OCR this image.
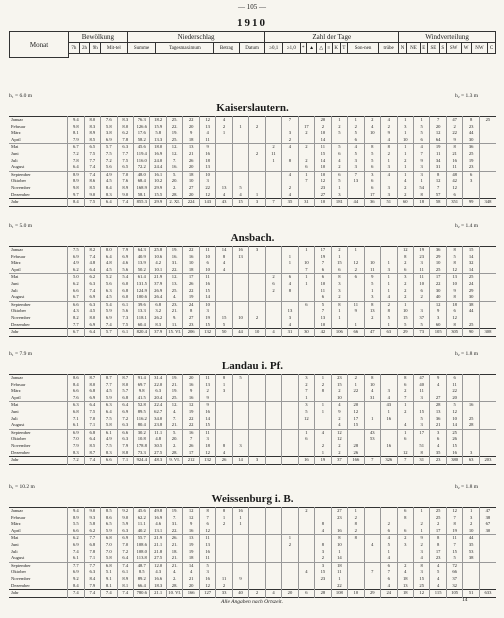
— 105 —
1910
Monat	Bewölkung				Niederschlag				Zahl der Tage										Windverteilung								
	7h	2h	9h	Mit-tel	Summe	Tagesmaximum	Betrag	Datum	≥0,1	≥1,0	*	▲	△	≡	K	T	Son-nen	trübe	N	NE	E	SE	S	SW	W	NW	C

h₁ = 6.0 m	h₂ = 1.3 m
Kaiserslautern.
Januar	9.4	8.0	7.6	8.3	76.3	18.2	25.	22	12	4				7		20	1	1	2	4	1	1	7	47	8	25
Februar	9.8	8.3	5.8	8.0	126.6	15.9	22.	20	13	2	1	2			17	2	2	2	4	2	3	5	20	2	23	
März	8.1	8.9	3.8	6.2	17.6	5.8	19.	9	4	1				3	2	10	5	5	10	9	1	5	12	22	44	
April	7.9	8.5	6.9	7.8	58.2	13.3	25.	18	11					2		14		6		4	10	6	64	9	30	
Mai	6.7	6.5	5.7	6.3	45.6	18.0	12.	13	9				2	4	2	11	5	4	8	8	1	4	19	8	36	
Juni	7.2	7.5	7.5	7.7	119.4	16.9	12.	21	16			2	11			15	6	5	5	2	1	7	11	21	25	
Juli	7.8	7.7	7.2	7.5	116.0	24.0	7.	26	18				1	8	2	14	4	3	5	1	2	9	34	16	19	
August	6.4	7.4	5.6	6.5	72.2	24.4	16.	20	13						6	10	2	3	6	3	1	3	31	11	23	
September	8.9	7.4	4.9	7.0	48.0	16.1	5.	18	10					4	1	10	6	7	3	4	1	3	8	48	6	
Oktober	8.9	8.6	4.5	7.6	68.4	10.2	20.	10	3						7	12	5	13	6		4	1	12	42	3	
November	9.8	8.5	8.4	8.9	168.9	29.9	2.	27	22	13	5			2		23	1		6	3	2	54	7	12		
Dezember	9.7	9.0	8.3	9.0	58.1	15.5	28.	20	12	4	4	1		4		27	3		17	3	2	8	57	6		
Jahr	8.4	7.5	6.4	7.4	855.3	29.9	2. XI.	224	143	43	15	3	7	35	31	10	181	44	36	51	60	18	58	351	99	348
h₁ = 5.0 m	h₂ = 1.4 m
Ansbach.
Januar	7.5	8.2	8.0	7.9	64.3	25.8	19.	22	11	14	16	3			1	17	2	1			12	19	36	8	15	
Februar	6.9	7.4	6.4	6.9	40.9	10.6	16.	16	10	8	13			1		19	1				8	23	29	5	14	
März	4.9	4.8	4.8	4.6	13.9	4.2	31.	10	6	4				1	10	7	15	12	10	1	2	3	10	8	32	
April	6.2	6.4	4.5	5.6	50.2	10.1	22.	18	10	4					7	6	6	2	11	3	6	11	25	12	14	
Mai	5.0	6.2	5.2	5.4	61.4	21.9	12.	17	11				2	6	1	6	8	6	9	1	3	11	17	13	25	
Juni	6.2	6.3	5.6	6.0	131.5	37.9	13.	26	16				6	4	1	10	3		5	1	2	10	22	10	24	
Juli	6.6	7.4	6.3	6.8	124.9	26.9	25.	22	15				2	8		11	3		1	1	2	6	30	9	29	
August	6.7	6.9	4.5	6.0	100.6	26.4	4.	19	14							6	2		3	4	2	2	40	8	30	
September	6.6	6.3	5.4	6.1	39.6	6.8	23.	24	10						6	5	8	11	8	2	1		12	18	38	
Oktober	4.3	4.5	5.9	5.6	13.3	3.2	21.	8	3					13		7	1	9	13	8	10	3	9	6	44	
November	8.2	8.0	6.9	7.3	118.1	26.2	9.	27	19	15	10	2		3		13	1		2	5	15	37	3	12		
Dezember	7.7	6.9	7.4	7.5	60.4	8.3	11.	23	15	5				4		10		1		1	5	5	60	8	25	
Jahr	6.7	6.4	5.7	6.1	820.4	37.9	15. VI.	206	132	50	44	10	4	31	30	42	106	66	47	63	29	73	105	305	90	308
h₁ = 7.9 m	h₂ = 1.8 m
Landau i. Pf.
Januar	8.6	8.7	8.7	8.7	91.4	31.4	19.	20	11	8	5				3	1	23	2	8		8	47	9	6		
Februar	8.4	8.0	7.7	8.0	69.7	22.0	21.	16	13	1					2	2	15	1	10		6	40	4	11		
März	6.6	6.8	4.5	5.7	9.8	6.3	19.	9	2	3					7	8	2	22	4	3	2	11		22		
April	7.6	6.9	5.9	6.8	41.5	20.4	25.	16	9						1		10		31	4	7	3	27	20		
Mai	6.3	6.4	6.3	6.4	52.8	22.4	12.	12	9						3	1	4	20		43	1		28	5	16	
Juni	6.8	7.5	6.4	6.9	89.5	62.7	4.	19	16						5	1	9	12		1	2	15	13	12		
Juli	7.1	7.0	7.5	7.2	116.2	34.0	7.	22	14						12		2	17	1	16		5	36	10	25	
August	6.1	7.1	5.8	6.3	80.4	23.8	21.	22	15								4	15			4	3	21	14	28	
September	6.9	6.8	6.1	6.6	30.2	11.1	5.	16	11						1	4	12		43		1	17	3	25		
Oktober	7.0	6.4	4.9	6.3	10.8	4.8	20.	7	3						6		12		53		6		6	26		
November	7.9	8.5	7.5	7.9	178.8	30.5	2.	26	18	8	3					2	2	28		16		51	4	15		
Dezember	8.3	8.7	8.3	8.8	73.3	27.5	28.	17	12	4						1	2	26			12	8	35	16	3	
Jahr	7.2	7.4	6.6	7.1	924.4	48.3	9. VI.	212	132	26	14	3			16	19	37	166	7	326	7	31	23	380	63	203
h₁ = 10.2 m	h₂ = 1.8 m
Weissenburg i. B.
Januar	9.4	9.0	8.5	9.2	45.6	49.8	19.	12	8	8	16				2		27	1			6	1	25	12	1	47
Februar	8.9	9.3	8.6	9.0	62.2	16.9	7.	12	7	1	1						23	2			8		25	7	3	38
März	5.5	5.8	6.5	5.9	11.1	4.6	31.	9	6	2	1					8		8		2		2	2	8	2	67
April	6.6	6.2	5.9	6.3	40.2	13.1	22.	16	12							4	16	2		6	6	1	17	19	10	30
Mai	6.2	7.7	6.8	6.9	55.7	21.9	26.	13	11					1			8	8		4	2	9	8	11	44	
Juni	6.9	6.8	7.0	7.0	108.6	21.1	21.	19	13					2		8	10		4	5	3	2	8	7	35	
Juli	7.4	7.8	7.0	7.2	108.0	21.8	18.	19	16							3	1			1		3	17	15	53	
August	6.1	7.1	5.8	6.4	113.8	27.5	21.	18	11							2	14			4		4	23	5	38	
September	7.7	7.7	6.8	7.4	48.7	12.0	21.	14	5							3	18			6	2	8	4	72		
Oktober	6.9	6.3	5.1	6.1	8.5	4.3	4.	4	3						4	15	11		7	7	4	3	5	66		
November	9.2	8.4	9.1	8.9	89.2	16.6	2.	21	16	11	9					23	1			6	18	15	4	37		
Dezember	8.4	7.9	8.1	8.1	66.4	18.3	28.	20	12	2							22			4	13	25	4	32		
Jahr	7.4	7.4	7.4	7.4	780.6	21.1	10. VI.	166	127	33	40	2	4	20	6	28	108	10	29	24	18	12	115	105	51	633
Alle Angaben nach Ortszeit.	14
